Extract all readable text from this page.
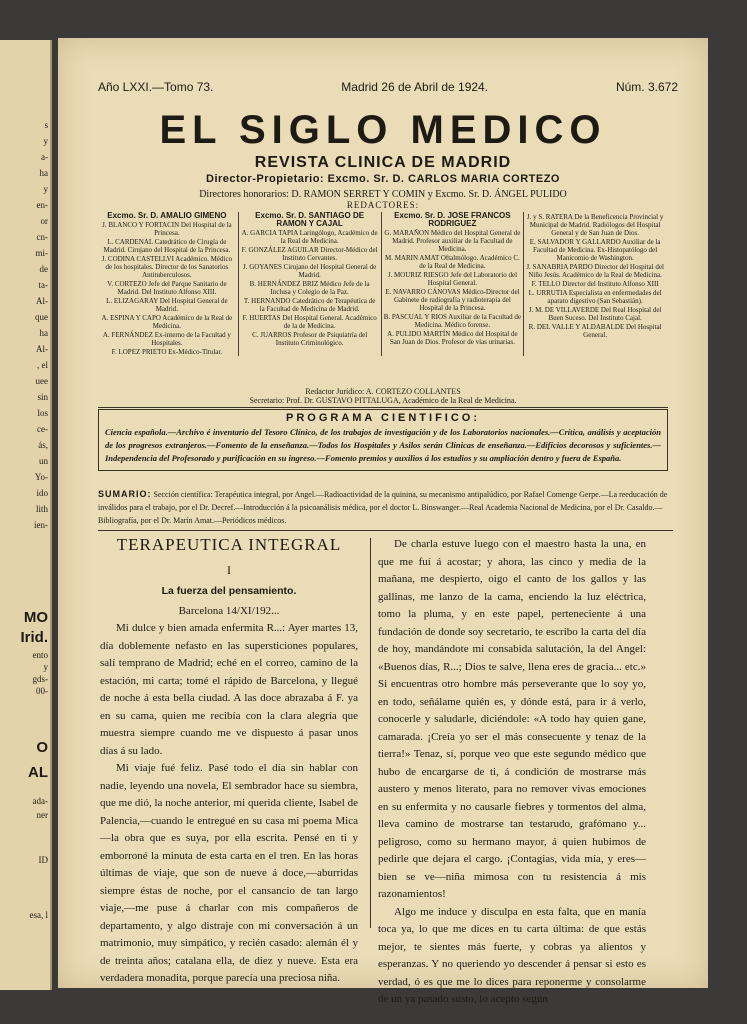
s
y
a-
ha
y
en-
or
cn-
mi-
de
ta-
Al-
que
ha
Al-
, el
uee
sin
los
ce-
ás,
un
Yo-
ido
lith
ien-
MO
Irid.
O
AL
ento
y
gds-
00-
ada-
ner
ID
esa, l
Año LXXI.—Tomo 73.	Madrid 26 de Abril de 1924.	Núm. 3.672
EL SIGLO MEDICO
REVISTA CLINICA DE MADRID
Director-Propietario: Excmo. Sr. D. CARLOS MARIA CORTEZO
Directores honorarios: D. RAMON SERRET Y COMIN y Excmo. Sr. D. ÁNGEL PULIDO
REDACTORES:
Excmo. Sr. D. AMALIO GIMENO
J. BLANCO Y FORTACIN Del Hospital de la Princesa.
L. CARDENAL Catedrático de Cirugía de Madrid. Cirujano del Hospital de la Princesa.
J. CODINA CASTELLVI Académico. Médico de los hospitales. Director de los Sanatorios Antituberculosos.
V. CORTEZO Jefe del Parque Sanitario de Madrid. Del Instituto Alfonso XIII.
L. ELIZAGARAY Del Hospital General de Madrid.
A. ESPINA Y CAPO Académico de la Real de Medicina.
A. FERNÁNDEZ Ex-interno de la Facultad y Hospitales.
F. LOPEZ PRIETO Ex-Médico-Titular.
Excmo. Sr. D. SANTIAGO DE RAMON Y CAJAL
A. GARCIA TAPIA Laringólogo, Académico de la Real de Medicina.
F. GONZÁLEZ AGUILAR Director-Médico del Instituto Cervantes.
J. GOYANES Cirujano del Hospital General de Madrid.
B. HERNÁNDEZ BRIZ Médico Jefe de la Inclusa y Colegio de la Paz.
T. HERNANDO Catedrático de Terapéutica de la Facultad de Medicina de Madrid.
F. HUERTAS Del Hospital General. Académico de la de Medicina.
C. JUARROS Profesor de Psiquiatría del Instituto Criminológico.
Excmo. Sr. D. JOSE FRANCOS RODRIGUEZ
G. MARAÑON Médico del Hospital General de Madrid. Profesor auxiliar de la Facultad de Medicina.
M. MARIN AMAT Oftalmólogo. Académico C. de la Real de Medicina.
J. MOURIZ RIESGO Jefe del Laboratorio del Hospital General.
E. NAVARRO CÁNOVAS Médico-Director del Gabinete de radiografía y radioterapia del Hospital de la Princesa.
B. PASCUAL Y RIOS Auxiliar de la Facultad de Medicina. Médico forense.
A. PULIDO MARTÍN Médico del Hospital de San Juan de Dios. Profesor de vías urinarias.
J. y S. RATERA De la Beneficencia Provincial y Municipal de Madrid. Radiólogos del Hospital General y de San Juan de Dios.
E. SALVADOR Y GALLARDO Auxiliar de la Facultad de Medicina. Ex-Histopatólogo del Manicomio de Washington.
J. SANABRIA PARDO Director del Hospital del Niño Jesús. Académico de la Real de Medicina.
F. TELLO Director del Instituto Alfonso XIII
L. URRUTIA Especialista en enfermedades del aparato digestivo (San Sebastián).
J. M. DE VILLAVERDE Del Real Hospital del Buen Suceso. Del Instituto Cajal.
R. DEL VALLE Y ALDABALDE Del Hospital General.
Redactor Jurídico: A. CORTEZO COLLANTES
Secretario: Prof. Dr. GUSTAVO PITTALUGA, Académico de la Real de Medicina.
PROGRAMA CIENTIFICO:
Ciencia española.—Archivo é inventario del Tesoro Clínico, de los trabajos de investigación y de los Laboratorios nacionales.—Crítica, análisis y aceptación de los progresos extranjeros.—Fomento de la enseñanza.—Todos los Hospitales y Asilos serán Clínicas de enseñanza.—Edificios decorosos y suficientes.—Independencia del Profesorado y purificación en su ingreso.—Fomento premios y auxilios á los estudios y su ampliación dentro y fuera de España.
SUMARIO: Sección científica: Terapéutica integral, por Angel.—Radioactividad de la quinina, su mecanismo antipalúdico, por Rafael Comenge Gerpe.—La reeducación de inválidos para el trabajo, por el Dr. Decref.—Introducción á la psicoanálisis médica, por el doctor L. Binswanger.—Real Academia Nacional de Medicina, por el Dr. Casaldo.—Bibliografía, por el Dr. Marín Amat.—Periódicos médicos.
TERAPEUTICA INTEGRAL
I
La fuerza del pensamiento.
Barcelona 14/XI/192...

Mi dulce y bien amada enfermita R...: Ayer martes 13, día doblemente nefasto en las supersticiones populares, salí temprano de Madrid; eché en el correo, camino de la estación, mi carta; tomé el rápido de Barcelona, y llegué de noche á esta bella ciudad. A las doce abrazaba á F. ya en su cama, quien me recibía con la clara alegría que muestra siempre cuando me ve dispuesto á pasar unos días á su lado.

Mi viaje fué feliz. Pasé todo el día sin hablar con nadie, leyendo una novela, El sembrador hace su siembra, que me dió, la noche anterior, mi querida cliente, Isabel de Palencia,—cuando le entregué en su casa mi poema Mica—la obra que es suya, por ella escrita. Pensé en ti y emborroné la minuta de esta carta en el tren. En las horas últimas de viaje, que son de nueve á doce,—aburridas siempre éstas de noche, por el cansancio de tan largo viaje,—me puse á charlar con mis compañeros de departamento, y algo distraje con mi conversación á un matrimonio, muy simpático, y recién casado: alemán él y de treinta años; catalana ella, de diez y nueve. Esta era verdadera monadita, porque parecía una preciosa niña.

De charla estuve luego con el maestro hasta la una, en que me fuí á acostar; y ahora, las cinco y media de la mañana, me despierto, oigo el canto de los gallos y las gallinas, me lanzo de la cama, enciendo la luz eléctrica, tomo la pluma, y en este papel, perteneciente á una fundación de donde soy secretario, te escribo la carta del día de hoy, mandándote mi consabida salutación, la del Angel: «Buenos días, R...; Dios te salve, llena eres de gracia... etc.» Si encuentras otro hombre más perseverante que lo soy yo, en todo, señálame quién es, y dónde está, para ir á verlo, conocerle y saludarle, diciéndole: «A todo hay quien gane, camarada. ¡Creía yo ser el más consecuente y tenaz de la tierra!» Tenaz, sí, porque veo que este segundo médico que hubo de encargarse de ti, á condición de mostrarse más austero y menos literato, para no remover vivas emociones en su enfermita y no causarle fiebres y tormentos del alma, lleva camino de mostrarse tan testarudo, grafómano y... peligroso, como su hermano mayor, á quien hubimos de pedirle que dejara el cargo. ¡Contagias, vida mía, y eres—bien se ve—niña mimosa con tu resistencia á mis razonamientos!

Algo me induce y disculpa en esta falta, que en manía toca ya, lo que me dices en tu carta última: de que estás mejor, te sientes más fuerte, y cobras ya alientos y esperanzas. Y no queriendo yo descender á pensar si esto es verdad, ó es que me lo dices para reponerme y consolarme de un ya pasado susto, lo acepto según
